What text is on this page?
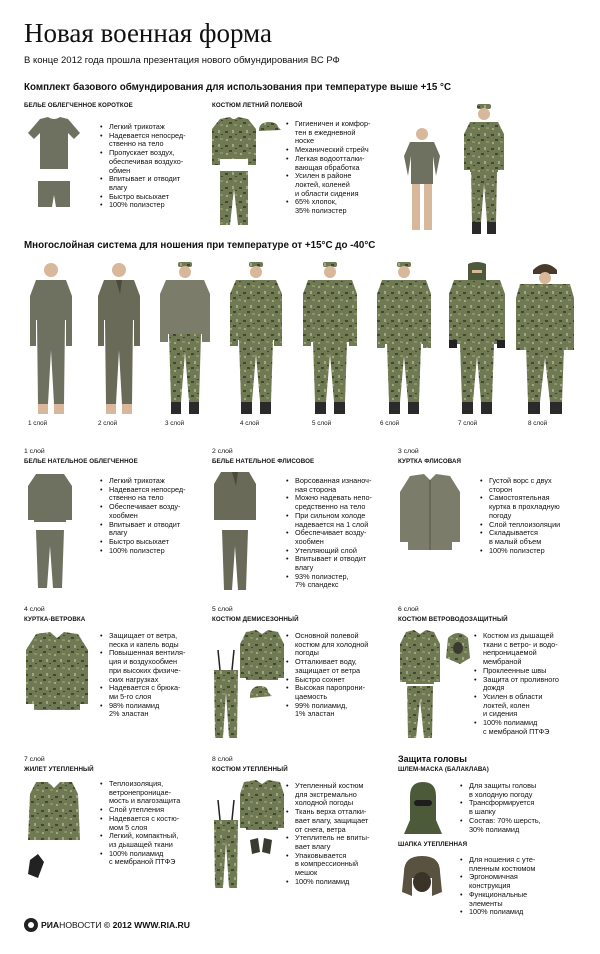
Новая военная форма
В конце 2012 года прошла презентация нового обмундирования ВС РФ
Комплект базового обмундирования для использования при температуре выше +15 °С
БЕЛЬЕ ОБЛЕГЧЕННОЕ КОРОТКОЕ
• Легкий трикотаж
• Надевается непосред-
ственно на тело
• Пропускает воздух,
обеспечивая воздухо-
обмен
• Впитывает и отводит
влагу
• Быстро высыхает
• 100% полиэстер
КОСТЮМ ЛЕТНИЙ ПОЛЕВОЙ
• Гигиеничен и комфор-
тен в ежедневной
носке
• Механический стрейч
• Легкая водоотталки-
вающая обработка
• Усилен в районе
локтей, коленей
и области сидения
• 65% хлопок,
35% полиэстер
Многослойная система для ношения при температуре от +15°С до -40°С
1 слой	2 слой	3 слой	4 слой	5 слой	6 слой	7 слой	8 слой
1 слой
БЕЛЬЕ НАТЕЛЬНОЕ ОБЛЕГЧЕННОЕ
• Легкий трикотаж
• Надевается непосред-
ственно на тело
• Обеспечивает возду-
хообмен
• Впитывает и отводит
влагу
• Быстро высыхает
• 100% полиэстер
2 слой
БЕЛЬЕ НАТЕЛЬНОЕ ФЛИСОВОЕ
• Ворсованная изнаноч-
ная сторона
• Можно надевать непо-
средственно на тело
• При сильном холоде
надевается на 1 слой
• Обеспечивает возду-
хообмен
• Утепляющий слой
• Впитывает и отводит
влагу
• 93% полиэстер,
7% спандекс
3 слой
КУРТКА ФЛИСОВАЯ
• Густой ворс с двух
сторон
• Самостоятельная
куртка в прохладную
погоду
• Слой теплоизоляции
• Складывается
в малый объем
• 100% полиэстер
4 слой
КУРТКА-ВЕТРОВКА
• Защищает от ветра,
песка и капель воды
• Повышенная вентиля-
ция и воздухообмен
при высоких физиче-
ских нагрузках
• Надевается с брюка-
ми 5-го слоя
• 98% полиамид
2% эластан
5 слой
КОСТЮМ ДЕМИСЕЗОННЫЙ
• Основной полевой
костюм для холодной
погоды
• Отталкивает воду,
защищает от ветра
• Быстро сохнет
• Высокая паропрони-
цаемость
• 99% полиамид,
1% эластан
6 слой
КОСТЮМ ВЕТРОВОДОЗАЩИТНЫЙ
• Костюм из дышащей
ткани с ветро- и водо-
непроницаемой
мембраной
• Проклеенные швы
• Защита от проливного
дождя
• Усилен в области
локтей, колен
и сидения
• 100% полиамид
с мембраной ПТФЭ
7 слой
ЖИЛЕТ УТЕПЛЕННЫЙ
• Теплоизоляция,
ветронепроницае-
мость и влагозащита
• Слой утепления
• Надевается с костю-
мом 5 слоя
• Легкий, компактный,
из дышащей ткани
• 100% полиамид
с мембраной ПТФЭ
8 слой
КОСТЮМ УТЕПЛЕННЫЙ
• Утепленный костюм
для экстремально
холодной погоды
• Ткань верха отталки-
вает влагу, защищает
от снега, ветра
• Утеплитель не впиты-
вает влагу
• Упаковывается
в компрессионный
мешок
• 100% полиамид
Защита головы
ШЛЕМ-МАСКА (БАЛАКЛАВА)
• Для защиты головы
в холодную погоду
• Трансформируется
в шапку
• Состав: 70% шерсть,
30% полиамид
ШАПКА УТЕПЛЕННАЯ
• Для ношения с уте-
пленным костюмом
• Эргономичная
конструкция
• Функциональные
элементы
• 100% полиамид
РИА НОВОСТИ
© 2012 WWW.RIA.RU
